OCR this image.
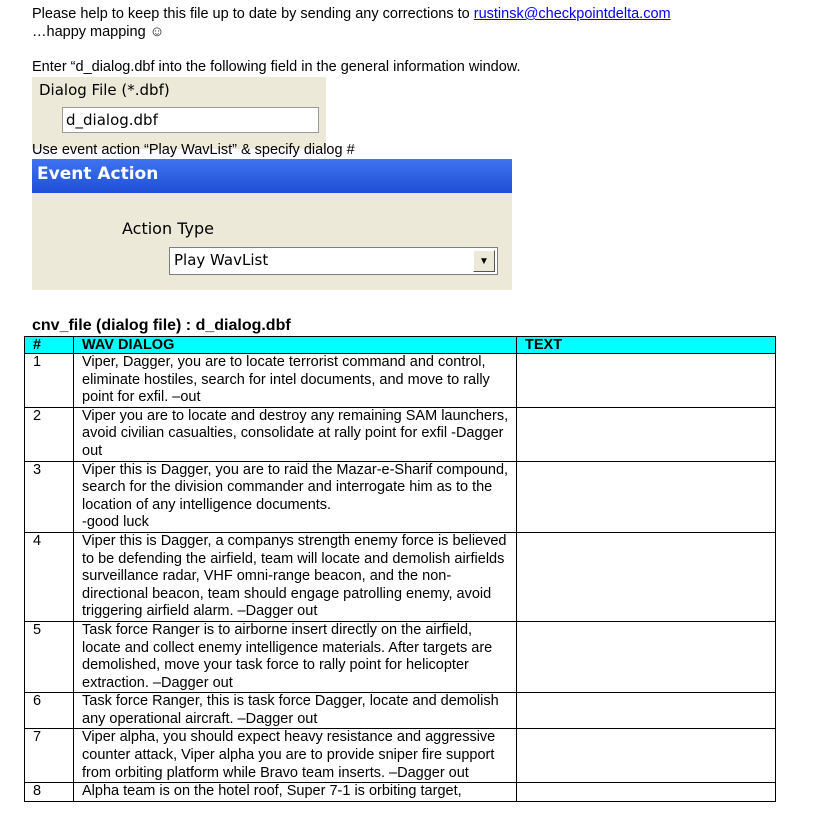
Please help to keep this file up to date by sending any corrections to rustinsk@checkpointdelta.com
…happy mapping ☺
Enter “d_dialog.dbf into the following field in the general information window.
Dialog File (*.dbf)
d_dialog.dbf
Use event action “Play WavList” & specify dialog #
Event Action
Action Type
Play WavList	▼
cnv_file (dialog file) : d_dialog.dbf
#	WAV DIALOG	TEXT
1	Viper, Dagger, you are to locate terrorist command and control, eliminate hostiles, search for intel documents, and move to rally point for exfil. –out	
2	Viper you are to locate and destroy any remaining SAM launchers, avoid civilian casualties, consolidate at rally point for exfil -Dagger out	
3	Viper this is Dagger, you are to raid the Mazar-e-Sharif compound, search for the division commander and interrogate him as to the location of any intelligence documents.
-good luck	
4	Viper this is Dagger, a companys strength enemy force is believed to be defending the airfield, team will locate and demolish airfields surveillance radar, VHF omni-range beacon, and the non-directional beacon, team should engage patrolling enemy, avoid triggering airfield alarm. –Dagger out	
5	Task force Ranger is to airborne insert directly on the airfield, locate and collect enemy intelligence materials. After targets are demolished, move your task force to rally point for helicopter extraction. –Dagger out	
6	Task force Ranger, this is task force Dagger, locate and demolish any operational aircraft. –Dagger out	
7	Viper alpha, you should expect heavy resistance and aggressive counter attack, Viper alpha you are to provide sniper fire support from orbiting platform while Bravo team inserts. –Dagger out	
8	Alpha team is on the hotel roof, Super 7-1 is orbiting target,	
